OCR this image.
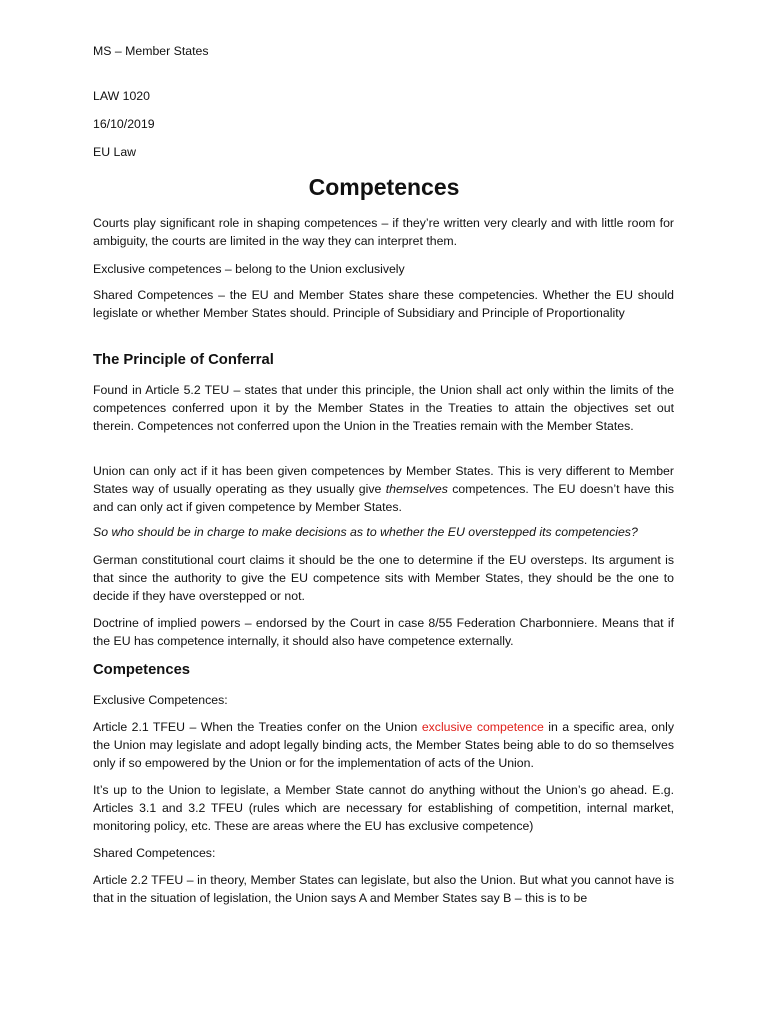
MS – Member States

LAW 1020

16/10/2019

EU Law

Competences

Courts play significant role in shaping competences – if they’re written very clearly and with little room for ambiguity, the courts are limited in the way they can interpret them.

Exclusive competences – belong to the Union exclusively

Shared Competences – the EU and Member States share these competencies. Whether the EU should legislate or whether Member States should. Principle of Subsidiary and Principle of Proportionality

The Principle of Conferral

Found in Article 5.2 TEU – states that under this principle, the Union shall act only within the limits of the competences conferred upon it by the Member States in the Treaties to attain the objectives set out therein. Competences not conferred upon the Union in the Treaties remain with the Member States.

Union can only act if it has been given competences by Member States. This is very different to Member States way of usually operating as they usually give themselves competences. The EU doesn’t have this and can only act if given competence by Member States.

So who should be in charge to make decisions as to whether the EU overstepped its competencies?

German constitutional court claims it should be the one to determine if the EU oversteps. Its argument is that since the authority to give the EU competence sits with Member States, they should be the one to decide if they have overstepped or not.

Doctrine of implied powers – endorsed by the Court in case 8/55 Federation Charbonniere. Means that if the EU has competence internally, it should also have competence externally.

Competences

Exclusive Competences:

Article 2.1 TFEU – When the Treaties confer on the Union exclusive competence in a specific area, only the Union may legislate and adopt legally binding acts, the Member States being able to do so themselves only if so empowered by the Union or for the implementation of acts of the Union.

It’s up to the Union to legislate, a Member State cannot do anything without the Union’s go ahead. E.g. Articles 3.1 and 3.2 TFEU (rules which are necessary for establishing of competition, internal market, monitoring policy, etc. These are areas where the EU has exclusive competence)

Shared Competences:

Article 2.2 TFEU – in theory, Member States can legislate, but also the Union. But what you cannot have is that in the situation of legislation, the Union says A and Member States say B – this is to be
